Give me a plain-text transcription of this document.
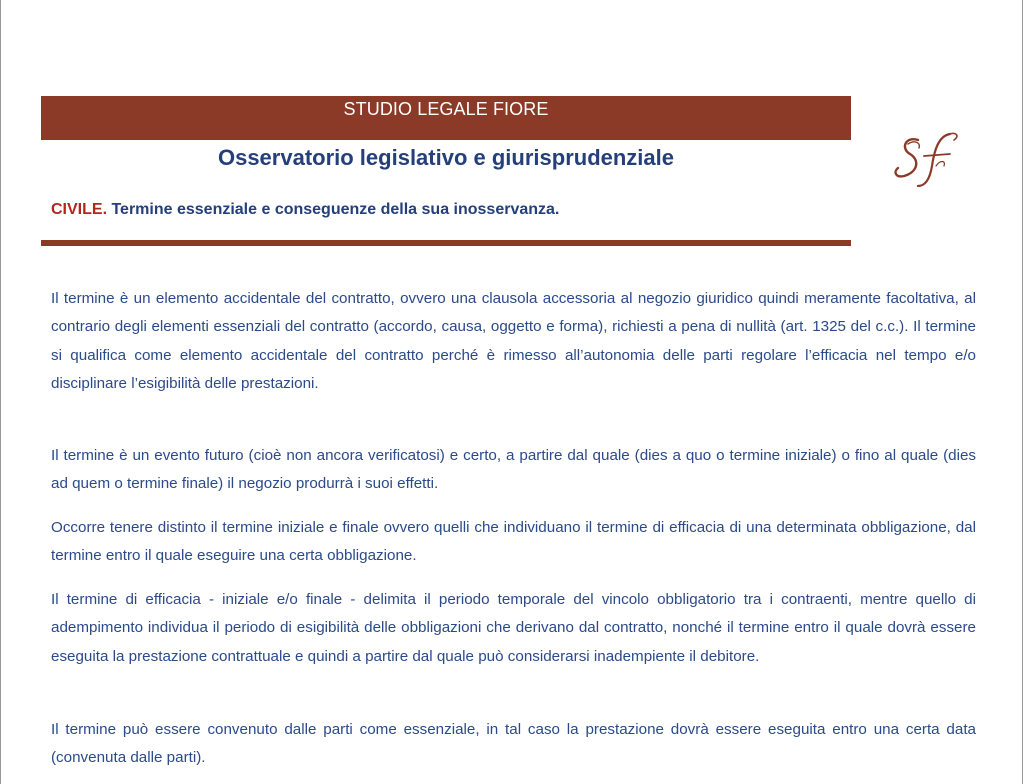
STUDIO LEGALE FIORE
Osservatorio legislativo e giurisprudenziale
CIVILE. Termine essenziale e conseguenze della sua inosservanza.

Il termine è un elemento accidentale del contratto, ovvero una clausola accessoria al negozio giuridico quindi meramente facoltativa, al contrario degli elementi essenziali del contratto (accordo, causa, oggetto e forma), richiesti a pena di nullità (art. 1325 del c.c.). Il termine si qualifica come elemento accidentale del contratto perché è rimesso all’autonomia delle parti regolare l’efficacia nel tempo e/o disciplinare l’esigibilità delle prestazioni.

Il termine è un evento futuro (cioè non ancora verificatosi) e certo, a partire dal quale (dies a quo o termine iniziale) o fino al quale (dies ad quem o termine finale) il negozio produrrà i suoi effetti.

Occorre tenere distinto il termine iniziale e finale ovvero quelli che individuano il termine di efficacia di una determinata obbligazione, dal termine entro il quale eseguire una certa obbligazione.

Il termine di efficacia - iniziale e/o finale - delimita il periodo temporale del vincolo obbligatorio tra i contraenti, mentre quello di adempimento individua il periodo di esigibilità delle obbligazioni che derivano dal contratto, nonché il termine entro il quale dovrà essere eseguita la prestazione contrattuale e quindi a partire dal quale può considerarsi inadempiente il debitore.

Il termine può essere convenuto dalle parti come essenziale, in tal caso la prestazione dovrà essere eseguita entro una certa data (convenuta dalle parti).
